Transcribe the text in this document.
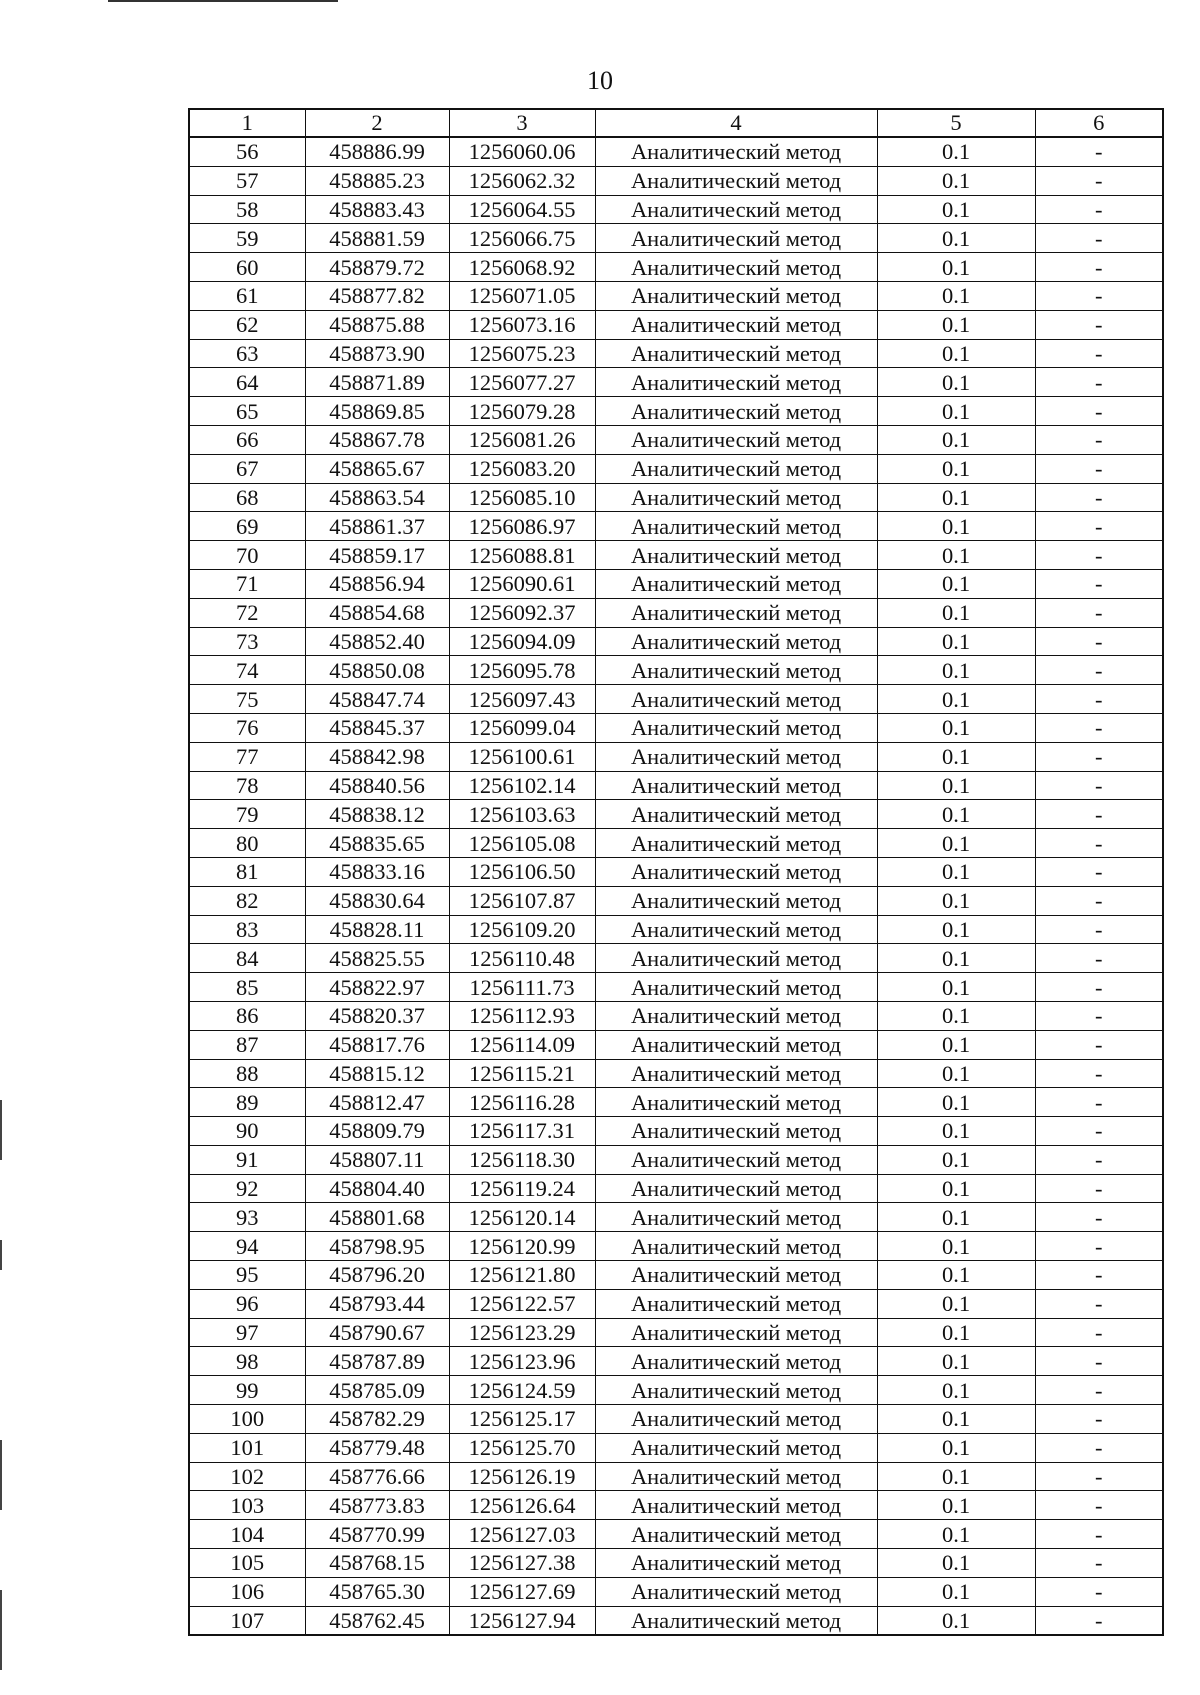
10
1	2	3	4	5	6
56	458886.99	1256060.06	Аналитический метод	0.1	-
57	458885.23	1256062.32	Аналитический метод	0.1	-
58	458883.43	1256064.55	Аналитический метод	0.1	-
59	458881.59	1256066.75	Аналитический метод	0.1	-
60	458879.72	1256068.92	Аналитический метод	0.1	-
61	458877.82	1256071.05	Аналитический метод	0.1	-
62	458875.88	1256073.16	Аналитический метод	0.1	-
63	458873.90	1256075.23	Аналитический метод	0.1	-
64	458871.89	1256077.27	Аналитический метод	0.1	-
65	458869.85	1256079.28	Аналитический метод	0.1	-
66	458867.78	1256081.26	Аналитический метод	0.1	-
67	458865.67	1256083.20	Аналитический метод	0.1	-
68	458863.54	1256085.10	Аналитический метод	0.1	-
69	458861.37	1256086.97	Аналитический метод	0.1	-
70	458859.17	1256088.81	Аналитический метод	0.1	-
71	458856.94	1256090.61	Аналитический метод	0.1	-
72	458854.68	1256092.37	Аналитический метод	0.1	-
73	458852.40	1256094.09	Аналитический метод	0.1	-
74	458850.08	1256095.78	Аналитический метод	0.1	-
75	458847.74	1256097.43	Аналитический метод	0.1	-
76	458845.37	1256099.04	Аналитический метод	0.1	-
77	458842.98	1256100.61	Аналитический метод	0.1	-
78	458840.56	1256102.14	Аналитический метод	0.1	-
79	458838.12	1256103.63	Аналитический метод	0.1	-
80	458835.65	1256105.08	Аналитический метод	0.1	-
81	458833.16	1256106.50	Аналитический метод	0.1	-
82	458830.64	1256107.87	Аналитический метод	0.1	-
83	458828.11	1256109.20	Аналитический метод	0.1	-
84	458825.55	1256110.48	Аналитический метод	0.1	-
85	458822.97	1256111.73	Аналитический метод	0.1	-
86	458820.37	1256112.93	Аналитический метод	0.1	-
87	458817.76	1256114.09	Аналитический метод	0.1	-
88	458815.12	1256115.21	Аналитический метод	0.1	-
89	458812.47	1256116.28	Аналитический метод	0.1	-
90	458809.79	1256117.31	Аналитический метод	0.1	-
91	458807.11	1256118.30	Аналитический метод	0.1	-
92	458804.40	1256119.24	Аналитический метод	0.1	-
93	458801.68	1256120.14	Аналитический метод	0.1	-
94	458798.95	1256120.99	Аналитический метод	0.1	-
95	458796.20	1256121.80	Аналитический метод	0.1	-
96	458793.44	1256122.57	Аналитический метод	0.1	-
97	458790.67	1256123.29	Аналитический метод	0.1	-
98	458787.89	1256123.96	Аналитический метод	0.1	-
99	458785.09	1256124.59	Аналитический метод	0.1	-
100	458782.29	1256125.17	Аналитический метод	0.1	-
101	458779.48	1256125.70	Аналитический метод	0.1	-
102	458776.66	1256126.19	Аналитический метод	0.1	-
103	458773.83	1256126.64	Аналитический метод	0.1	-
104	458770.99	1256127.03	Аналитический метод	0.1	-
105	458768.15	1256127.38	Аналитический метод	0.1	-
106	458765.30	1256127.69	Аналитический метод	0.1	-
107	458762.45	1256127.94	Аналитический метод	0.1	-
